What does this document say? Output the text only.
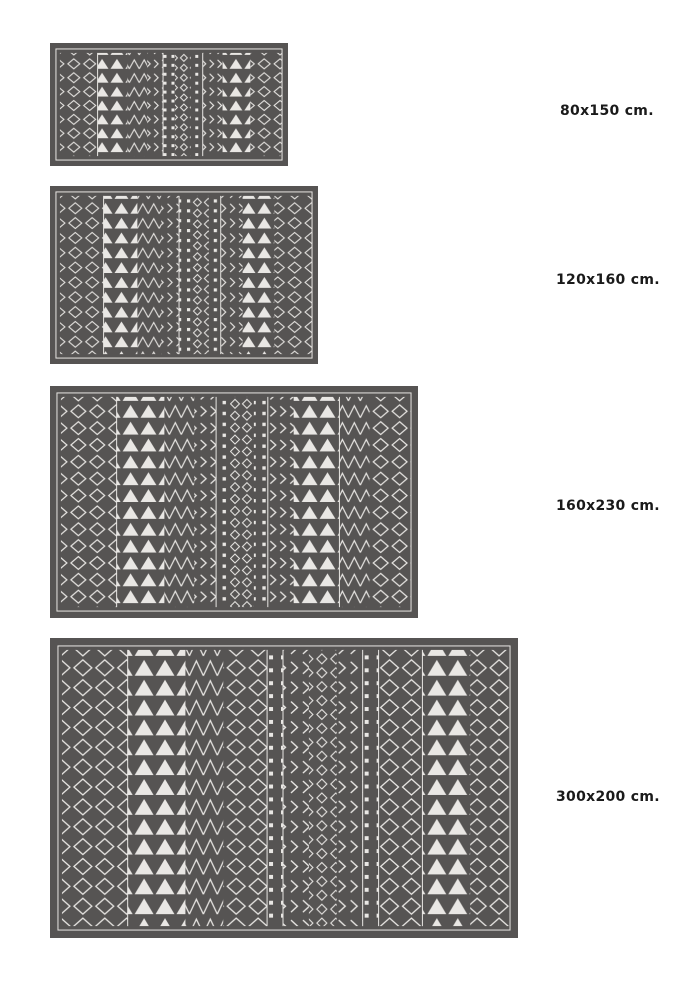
80x150 cm.
120x160 cm.
160x230 cm.
300x200 cm.
